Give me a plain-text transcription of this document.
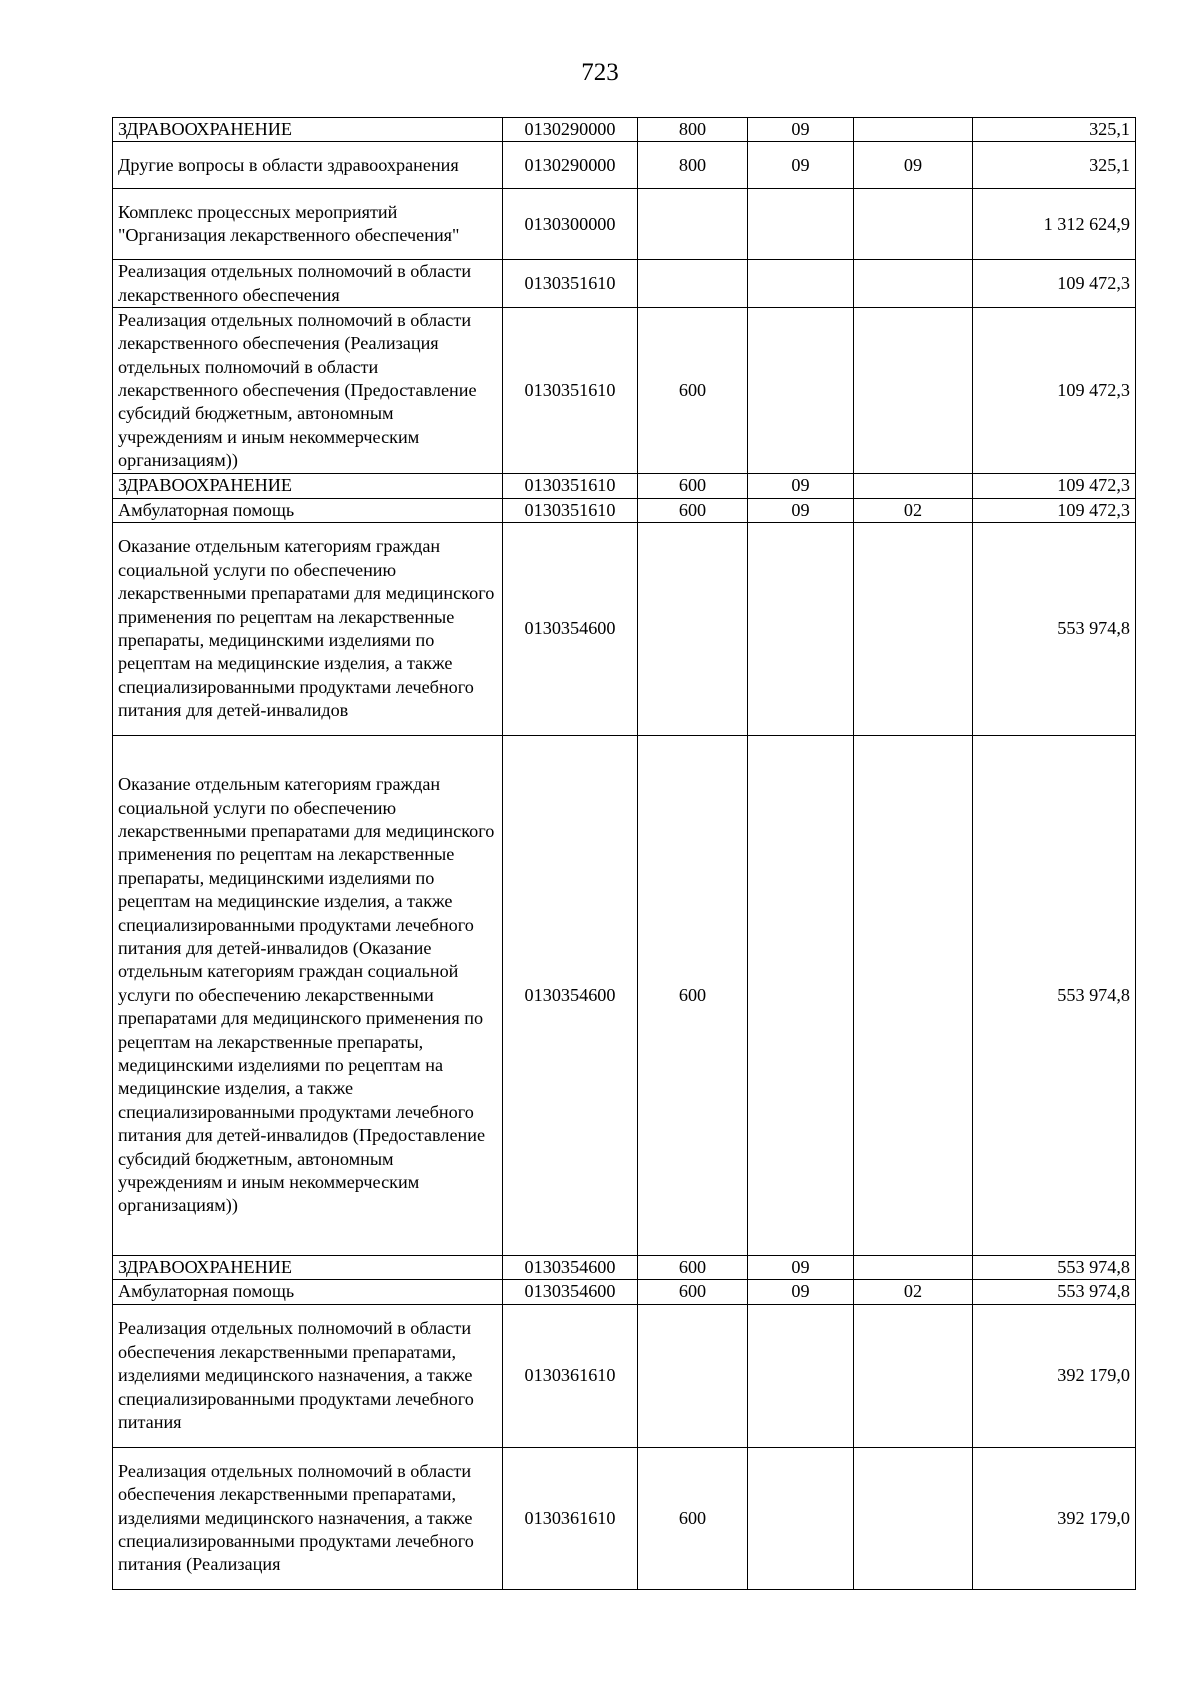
723
ЗДРАВООХРАНЕНИЕ	0130290000	800	09		325,1
Другие вопросы в области здравоохранения	0130290000	800	09	09	325,1
Комплекс процессных мероприятий "Организация лекарственного обеспечения"	0130300000				1 312 624,9
Реализация отдельных полномочий в области лекарственного обеспечения	0130351610				109 472,3
Реализация отдельных полномочий в области лекарственного обеспечения (Реализация отдельных полномочий в области лекарственного обеспечения (Предоставление субсидий бюджетным, автономным учреждениям и иным некоммерческим организациям))	0130351610	600			109 472,3
ЗДРАВООХРАНЕНИЕ	0130351610	600	09		109 472,3
Амбулаторная помощь	0130351610	600	09	02	109 472,3
Оказание отдельным категориям граждан социальной услуги по обеспечению лекарственными препаратами для медицинского применения по рецептам на лекарственные препараты, медицинскими изделиями по рецептам на медицинские изделия, а также специализированными продуктами лечебного питания для детей-инвалидов	0130354600				553 974,8
Оказание отдельным категориям граждан социальной услуги по обеспечению лекарственными препаратами для медицинского применения по рецептам на лекарственные препараты, медицинскими изделиями по рецептам на медицинские изделия, а также специализированными продуктами лечебного питания для детей-инвалидов (Оказание отдельным категориям граждан социальной услуги по обеспечению лекарственными препаратами для медицинского применения по рецептам на лекарственные препараты, медицинскими изделиями по рецептам на медицинские изделия, а также специализированными продуктами лечебного питания для детей-инвалидов (Предоставление субсидий бюджетным, автономным учреждениям и иным некоммерческим организациям))	0130354600	600			553 974,8
ЗДРАВООХРАНЕНИЕ	0130354600	600	09		553 974,8
Амбулаторная помощь	0130354600	600	09	02	553 974,8
Реализация отдельных полномочий в области обеспечения лекарственными препаратами, изделиями медицинского назначения, а также специализированными продуктами лечебного питания	0130361610				392 179,0
Реализация отдельных полномочий в области обеспечения лекарственными препаратами, изделиями медицинского назначения, а также специализированными продуктами лечебного питания (Реализация	0130361610	600			392 179,0
